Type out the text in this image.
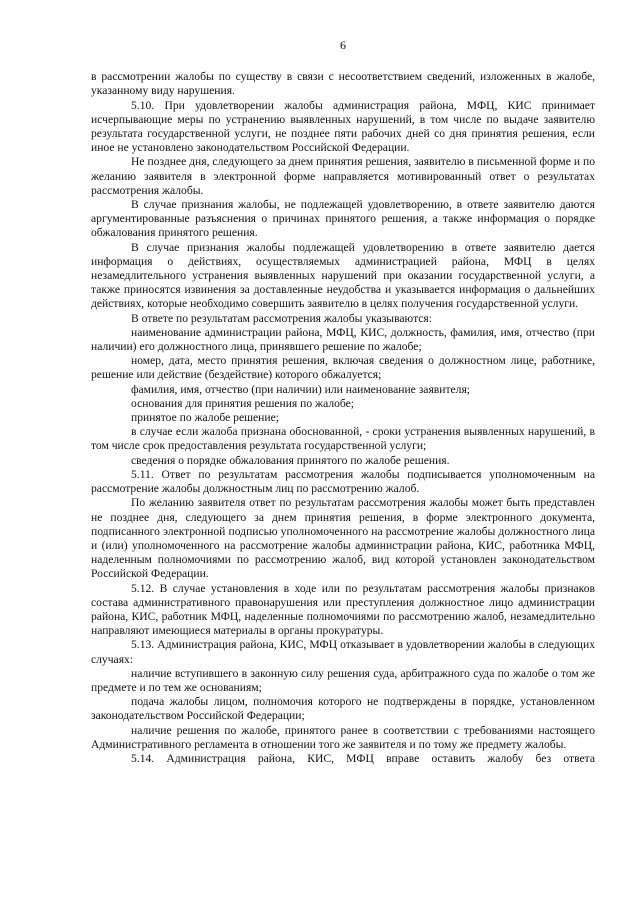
6

в рассмотрении жалобы по существу в связи с несоответствием сведений, изложенных в жалобе, указанному виду нарушения.

5.10. При удовлетворении жалобы администрация района, МФЦ, КИС принимает исчерпывающие меры по устранению выявленных нарушений, в том числе по выдаче заявителю результата государственной услуги, не позднее пяти рабочих дней со дня принятия решения, если иное не установлено законодательством Российской Федерации.

Не позднее дня, следующего за днем принятия решения, заявителю в письменной форме и по желанию заявителя в электронной форме направляется мотивированный ответ о результатах рассмотрения жалобы.

В случае признания жалобы, не подлежащей удовлетворению, в ответе заявителю даются аргументированные разъяснения о причинах принятого решения, а также информация о порядке обжалования принятого решения.

В случае признания жалобы подлежащей удовлетворению в ответе заявителю дается информация о действиях, осуществляемых администрацией района, МФЦ в целях незамедлительного устранения выявленных нарушений при оказании государственной услуги, а также приносятся извинения за доставленные неудобства и указывается информация о дальнейших действиях, которые необходимо совершить заявителю в целях получения государственной услуги.

В ответе по результатам рассмотрения жалобы указываются:

наименование администрации района, МФЦ, КИС, должность, фамилия, имя, отчество (при наличии) его должностного лица, принявшего решение по жалобе;

номер, дата, место принятия решения, включая сведения о должностном лице, работнике, решение или действие (бездействие) которого обжалуется;

фамилия, имя, отчество (при наличии) или наименование заявителя;

основания для принятия решения по жалобе;

принятое по жалобе решение;

в случае если жалоба признана обоснованной, - сроки устранения выявленных нарушений, в том числе срок предоставления результата государственной услуги;

сведения о порядке обжалования принятого по жалобе решения.

5.11. Ответ по результатам рассмотрения жалобы подписывается уполномоченным на рассмотрение жалобы должностным лиц по рассмотрению жалоб.

По желанию заявителя ответ по результатам рассмотрения жалобы может быть представлен не позднее дня, следующего за днем принятия решения, в форме электронного документа, подписанного электронной подписью уполномоченного на рассмотрение жалобы должностного лица и (или) уполномоченного на рассмотрение жалобы администрации района, КИС, работника МФЦ, наделенным полномочиями по рассмотрению жалоб, вид которой установлен законодательством Российской Федерации.

5.12. В случае установления в ходе или по результатам рассмотрения жалобы признаков состава административного правонарушения или преступления должностное лицо администрации района, КИС, работник МФЦ, наделенные полномочиями по рассмотрению жалоб, незамедлительно направляют имеющиеся материалы в органы прокуратуры.

5.13. Администрация района, КИС, МФЦ отказывает в удовлетворении жалобы в следующих случаях:

наличие вступившего в законную силу решения суда, арбитражного суда по жалобе о том же предмете и по тем же основаниям;

подача жалобы лицом, полномочия которого не подтверждены в порядке, установленном законодательством Российской Федерации;

наличие решения по жалобе, принятого ранее в соответствии с требованиями настоящего Административного регламента в отношении того же заявителя и по тому же предмету жалобы.

5.14. Администрация района, КИС, МФЦ вправе оставить жалобу без ответа
